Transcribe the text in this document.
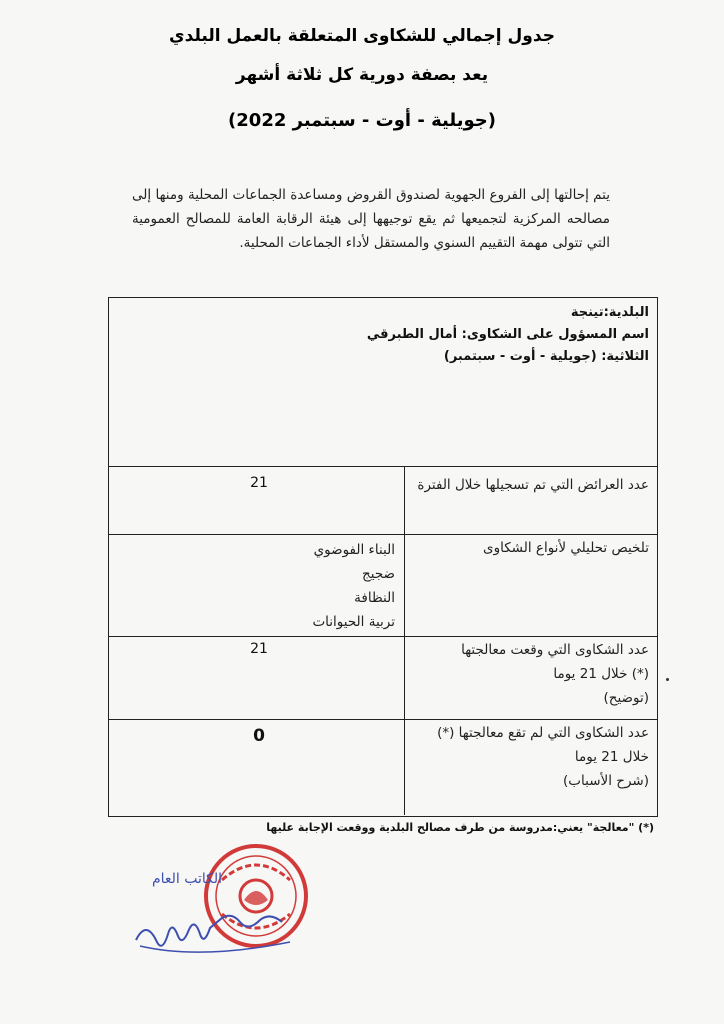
جدول إجمالي للشكاوى المتعلقة بالعمل البلدي
يعد بصفة دورية كل ثلاثة أشهر
(جويلية - أوت - سبتمبر 2022)
يتم إحالتها إلى الفروع الجهوية لصندوق القروض ومساعدة الجماعات المحلية ومنها إلى مصالحه المركزية لتجميعها ثم يقع توجيهها إلى هيئة الرقابة العامة للمصالح العمومية التي تتولى مهمة التقييم السنوي والمستقل لأداء الجماعات المحلية.
البلدية:تينجة
اسم المسؤول على الشكاوى: أمال الطبرقي
الثلاثية: (جويلية - أوت - سبتمبر)
عدد العرائض التي تم تسجيلها خلال الفترة
21
تلخيص تحليلي لأنواع الشكاوى
البناء الفوضوي
ضجيج
النظافة
تربية الحيوانات
عدد الشكاوى التي وقعت معالجتها
(*) خلال 21 يوما
(توضيح)
21
عدد الشكاوى التي لم تقع معالجتها (*)
خلال 21 يوما
(شرح الأسباب)
0
(*) "معالجة" يعني:مدروسة من طرف مصالح البلدية ووقعت الإجابة عليها
الكاتب العام
